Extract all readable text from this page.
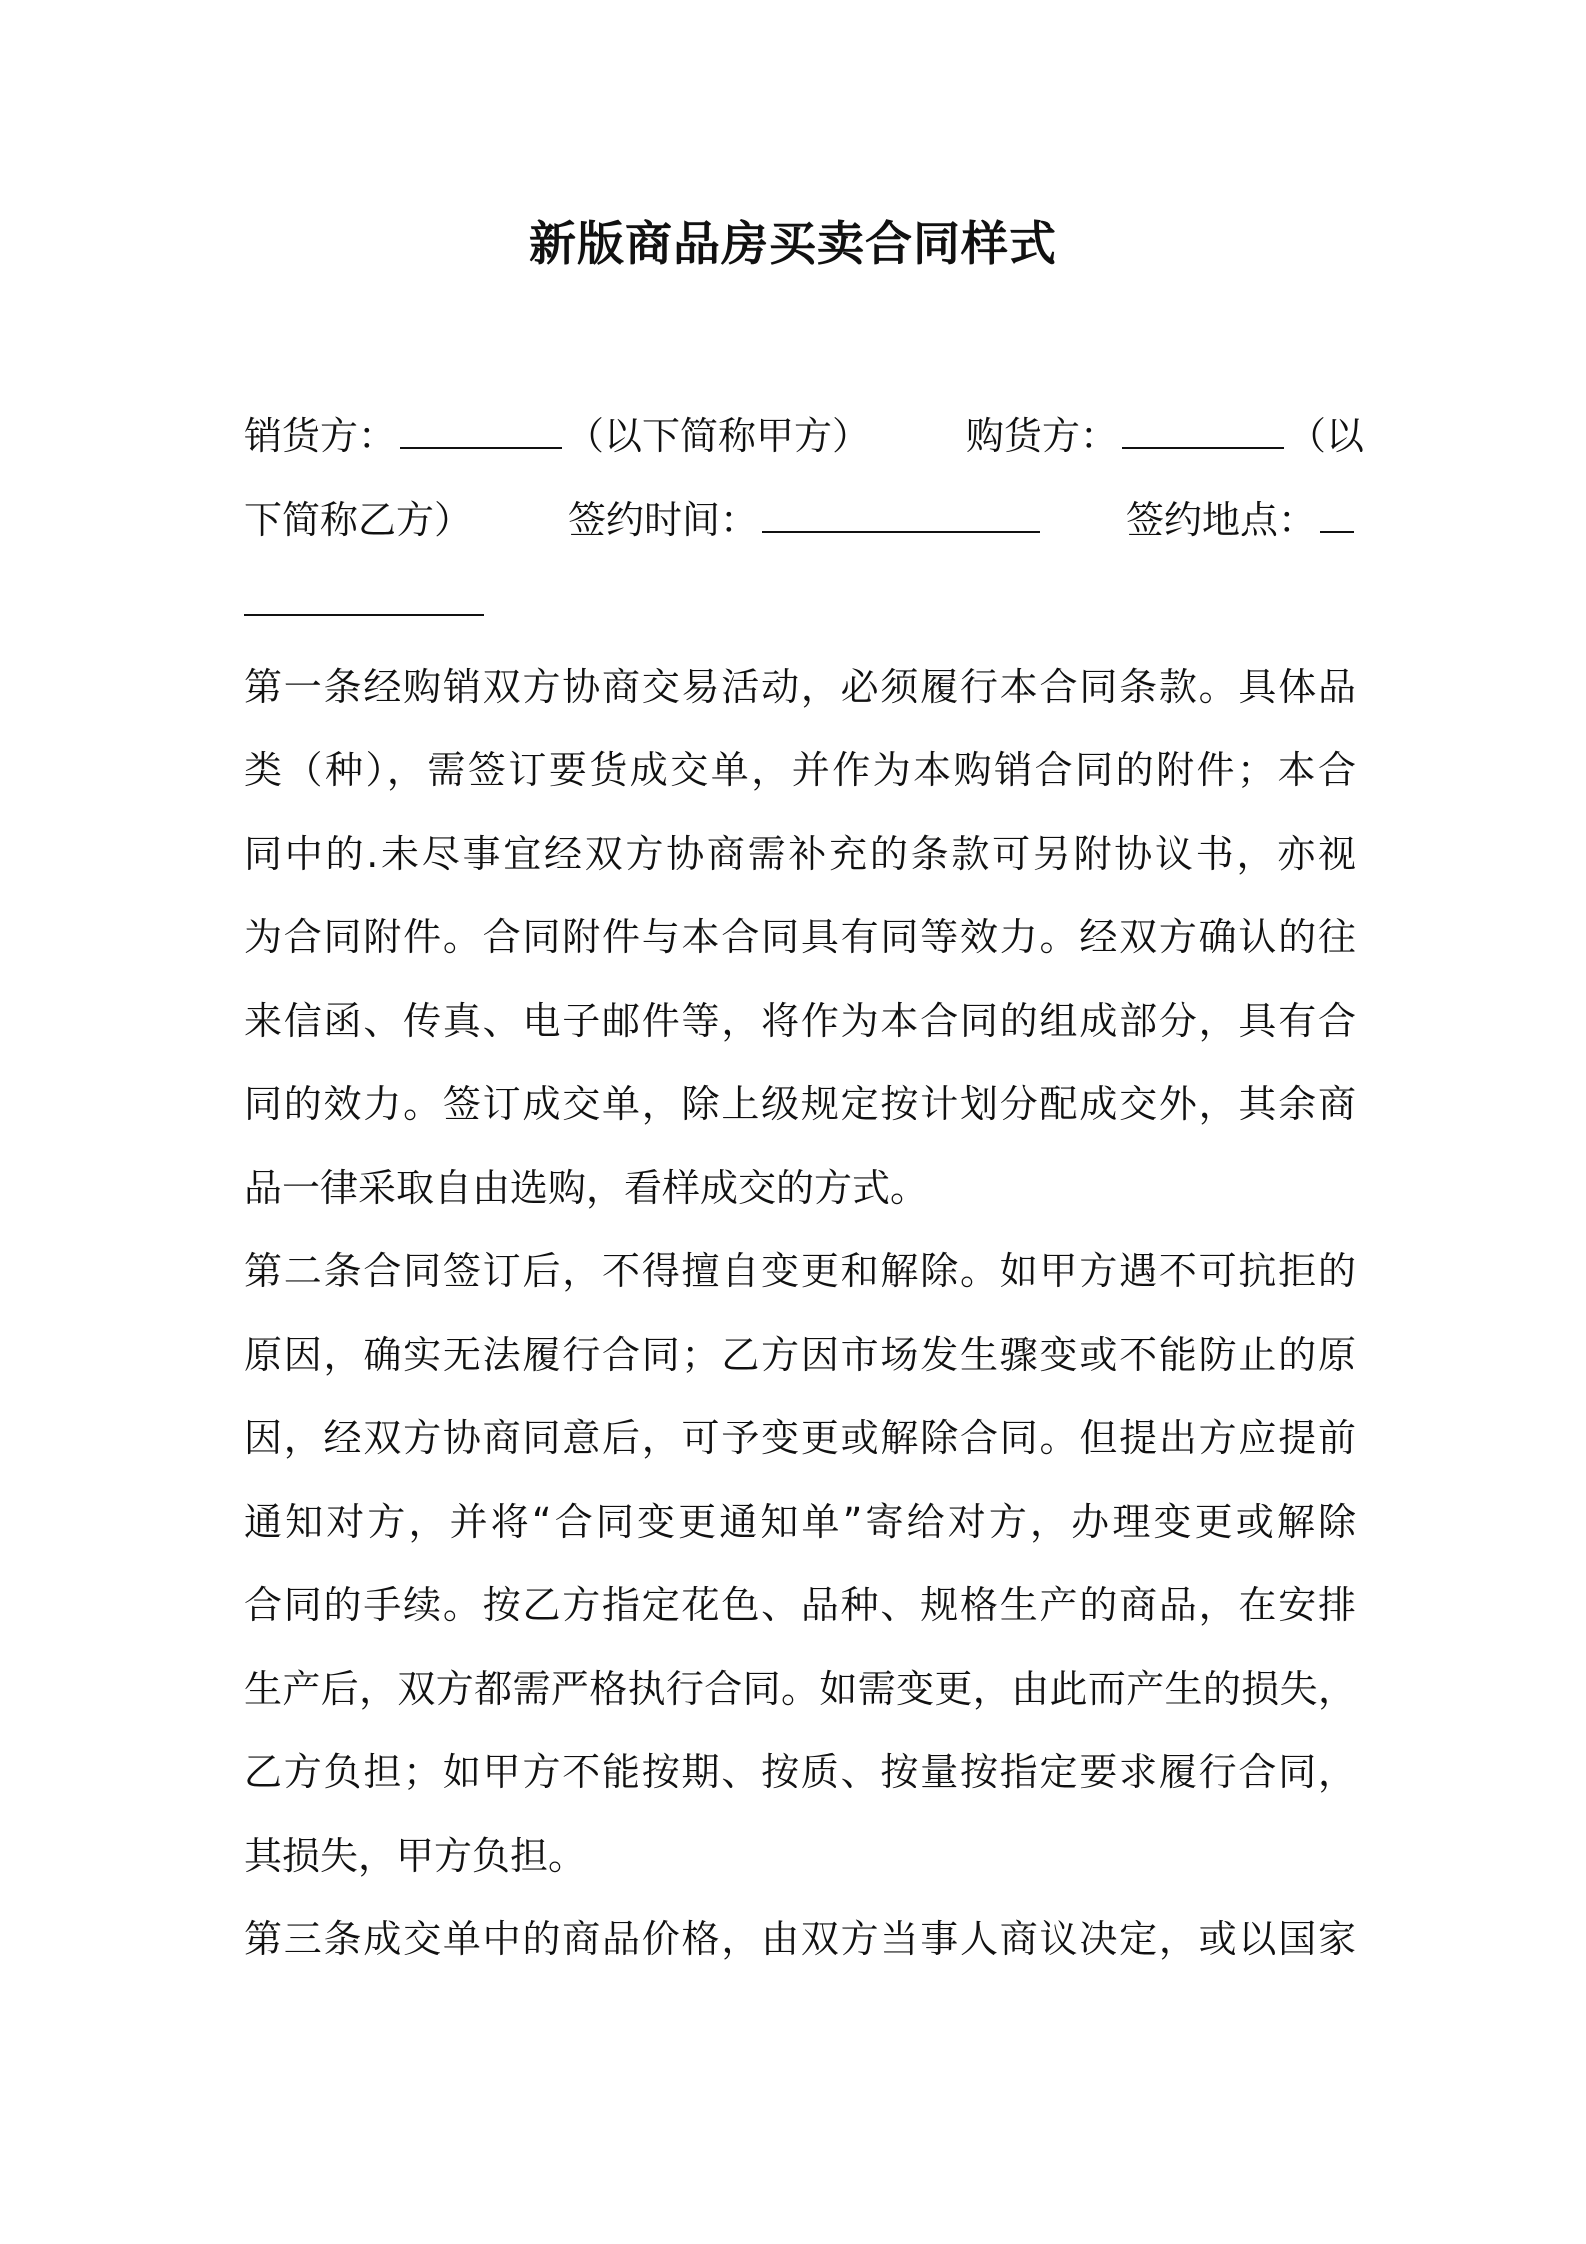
新版商品房买卖合同样式
销货方：	（以下简称甲方）	购货方：	（以
下简称乙方）	签约时间：	签约地点：
第一条经购销双方协商交易活动，必须履行本合同条款。具体品
类（种），需签订要货成交单，并作为本购销合同的附件；本合
同中的.未尽事宜经双方协商需补充的条款可另附协议书，亦视
为合同附件。合同附件与本合同具有同等效力。经双方确认的往
来信函、传真、电子邮件等，将作为本合同的组成部分，具有合
同的效力。签订成交单，除上级规定按计划分配成交外，其余商
品一律采取自由选购，看样成交的方式。
第二条合同签订后，不得擅自变更和解除。如甲方遇不可抗拒的
原因，确实无法履行合同；乙方因市场发生骤变或不能防止的原
因，经双方协商同意后，可予变更或解除合同。但提出方应提前
通知对方，并将“合同变更通知单”寄给对方，办理变更或解除
合同的手续。按乙方指定花色、品种、规格生产的商品，在安排
生产后，双方都需严格执行合同。如需变更，由此而产生的损失，
乙方负担；如甲方不能按期、按质、按量按指定要求履行合同，
其损失，甲方负担。
第三条成交单中的商品价格，由双方当事人商议决定，或以国家
